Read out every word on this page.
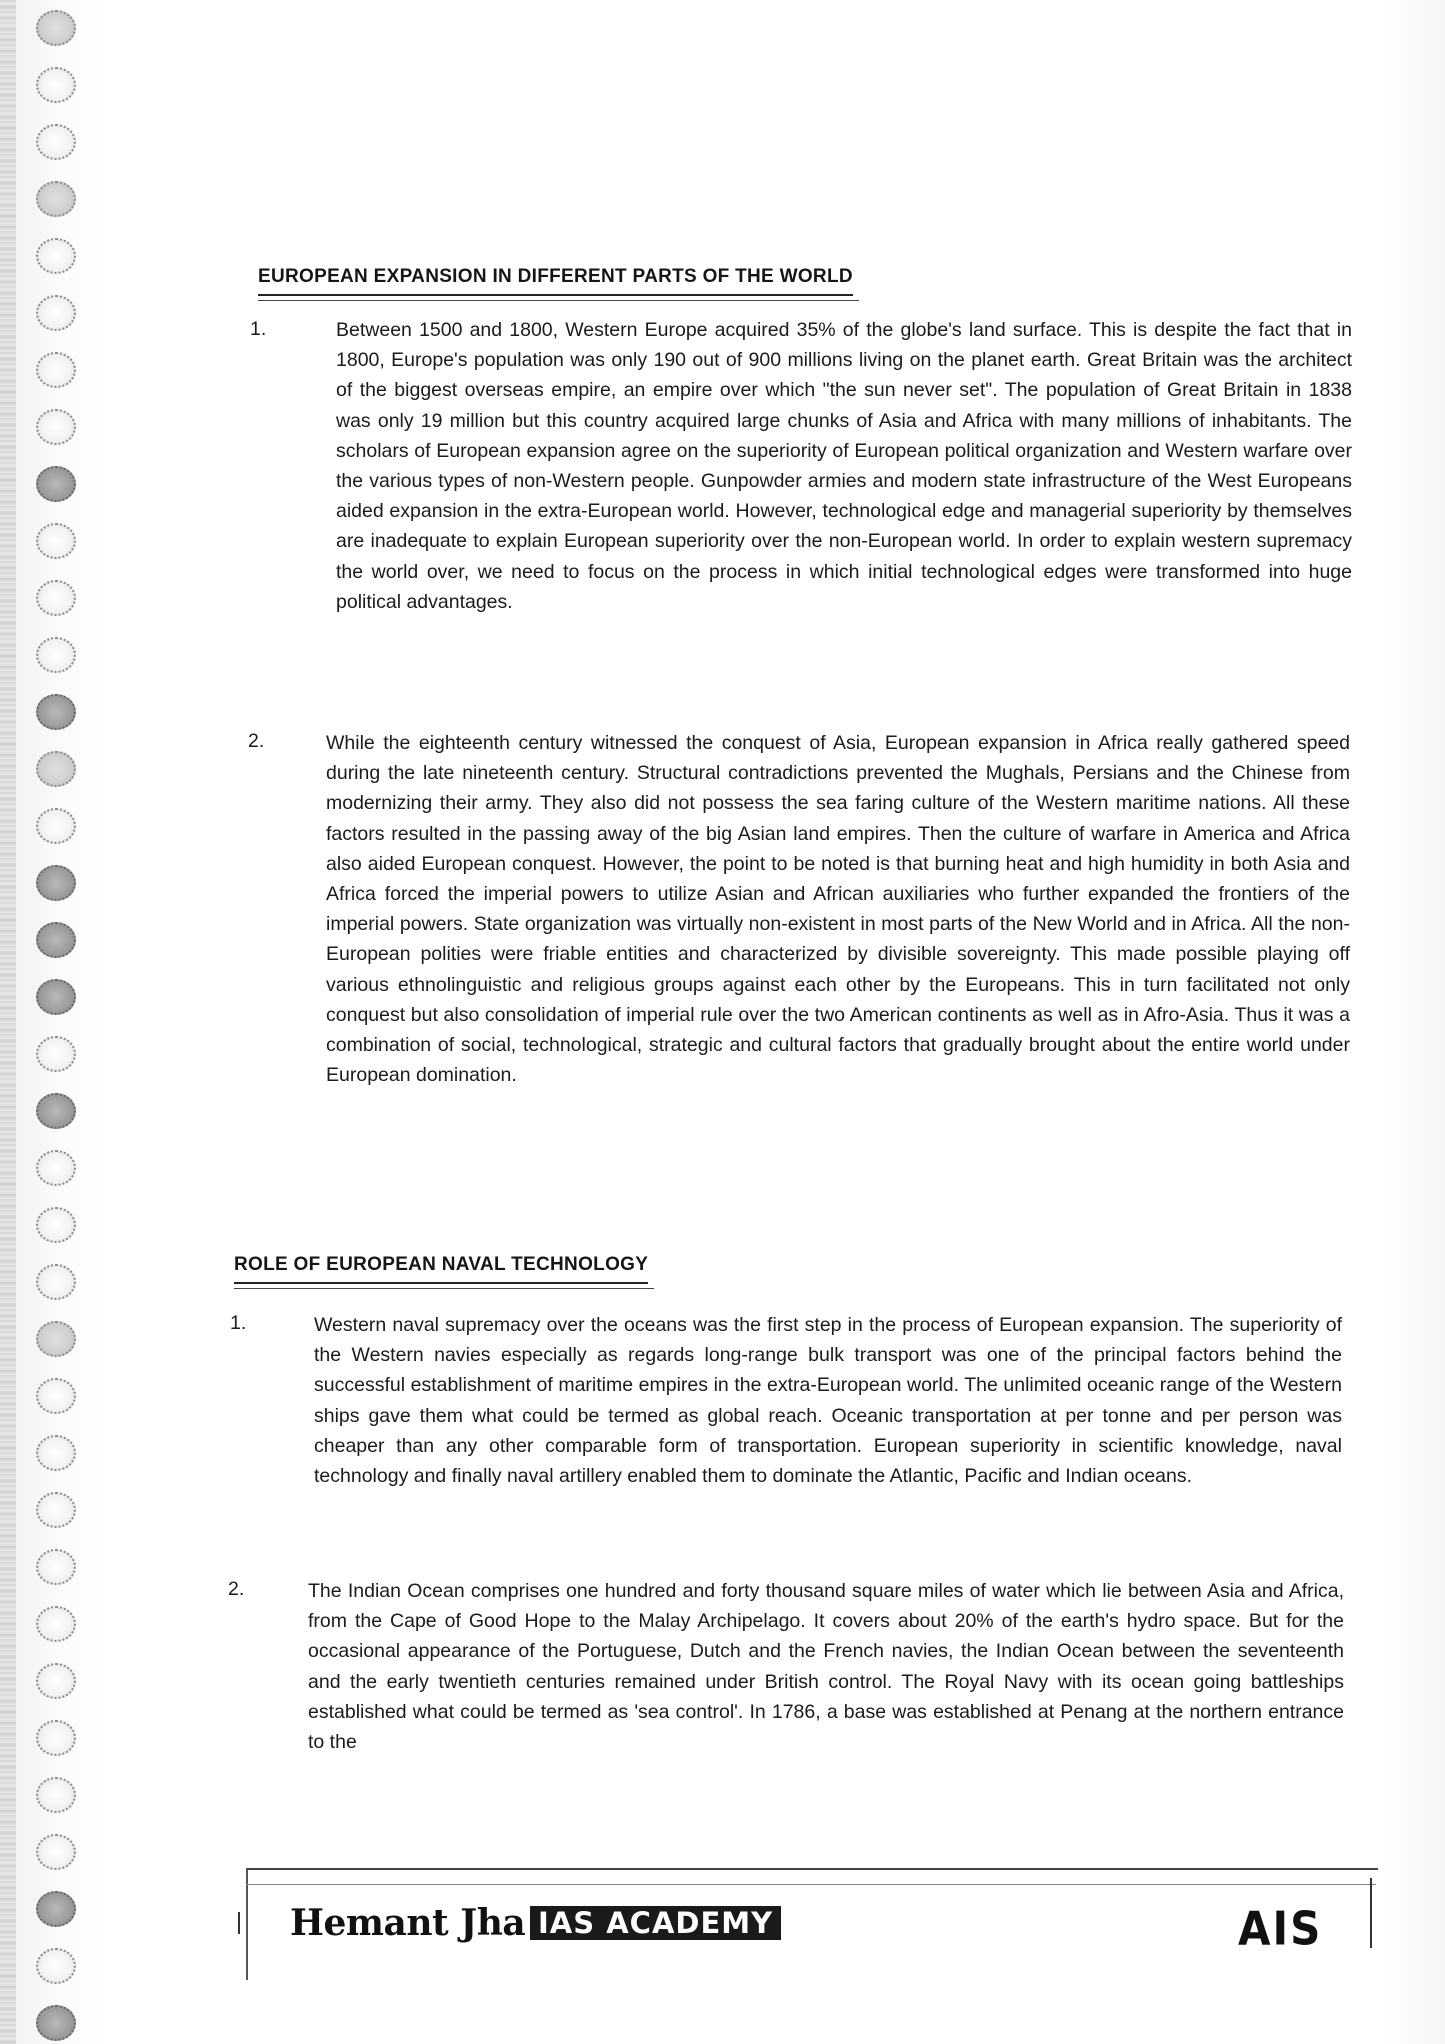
EUROPEAN EXPANSION IN DIFFERENT PARTS OF THE WORLD
1.	Between 1500 and 1800, Western Europe acquired 35% of the globe's land surface. This is despite the fact that in 1800, Europe's population was only 190 out of 900 millions living on the planet earth. Great Britain was the architect of the biggest overseas empire, an empire over which "the sun never set". The population of Great Britain in 1838 was only 19 million but this country acquired large chunks of Asia and Africa with many millions of inhabitants. The scholars of European expansion agree on the superiority of European political organization and Western warfare over the various types of non-Western people. Gunpowder armies and modern state infrastructure of the West Europeans aided expansion in the extra-European world. However, technological edge and managerial superiority by themselves are inadequate to explain European superiority over the non-European world. In order to explain western supremacy the world over, we need to focus on the process in which initial technological edges were transformed into huge political advantages.
2.	While the eighteenth century witnessed the conquest of Asia, European expansion in Africa really gathered speed during the late nineteenth century. Structural contradictions prevented the Mughals, Persians and the Chinese from modernizing their army. They also did not possess the sea faring culture of the Western maritime nations. All these factors resulted in the passing away of the big Asian land empires. Then the culture of warfare in America and Africa also aided European conquest. However, the point to be noted is that burning heat and high humidity in both Asia and Africa forced the imperial powers to utilize Asian and African auxiliaries who further expanded the frontiers of the imperial powers. State organization was virtually non-existent in most parts of the New World and in Africa. All the non-European polities were friable entities and characterized by divisible sovereignty. This made possible playing off various ethnolinguistic and religious groups against each other by the Europeans. This in turn facilitated not only conquest but also consolidation of imperial rule over the two American continents as well as in Afro-Asia. Thus it was a combination of social, technological, strategic and cultural factors that gradually brought about the entire world under European domination.
ROLE OF EUROPEAN NAVAL TECHNOLOGY
1.	Western naval supremacy over the oceans was the first step in the process of European expansion. The superiority of the Western navies especially as regards long-range bulk transport was one of the principal factors behind the successful establishment of maritime empires in the extra-European world. The unlimited oceanic range of the Western ships gave them what could be termed as global reach. Oceanic transportation at per tonne and per person was cheaper than any other comparable form of transportation. European superiority in scientific knowledge, naval technology and finally naval artillery enabled them to dominate the Atlantic, Pacific and Indian oceans.
2.	The Indian Ocean comprises one hundred and forty thousand square miles of water which lie between Asia and Africa, from the Cape of Good Hope to the Malay Archipelago. It covers about 20% of the earth's hydro space. But for the occasional appearance of the Portuguese, Dutch and the French navies, the Indian Ocean between the seventeenth and the early twentieth centuries remained under British control. The Royal Navy with its ocean going battleships established what could be termed as 'sea control'. In 1786, a base was established at Penang at the northern entrance to the
Hemant Jha IAS ACADEMY	AIS
